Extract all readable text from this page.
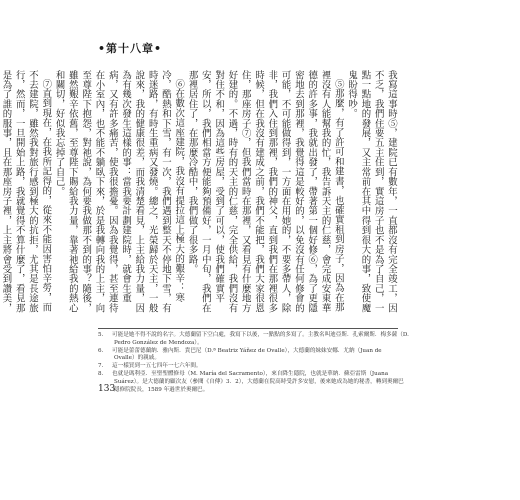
•第十八章•

我寫這事時⑤，建院已有數年，一直都沒有完全竣工，因不乏，我們住要五主住到，實這房子也不是為了自己，一點一點地的發展，又主常前在其中得到很大的事，致使魔鬼盼得吵。

⑤那麼，有了許可和建書，也確實租到房子，因為在那裡沒有人能幫我的忙，我告訴天主的仁慈，會完成安東華德的許多事，我就出發了，帶著第一個好修⑥，為了更隱密地去到那裡，我覺得這是較好的，以免沒有任何修會的可能，不可能做得到，一方面在用她的，不要多帶人，除非，我們入住到那裡，我們的神父，直到我們在那裡很多時候，但在我沒有建成之前，我們不能把，我們大家很恩住，那座房子⑦，但我們當時在那裡，又看見有什麼地方好建的。不過，時有的天主的仁慈，完全供給，我們沒有對住不和，因為這些房屋，受到了可以，使我們確實平安，所以，我們相當方便能夠預備好，一月中旬，我們在那裡居住了，在那麼冷酷中，我們做了很多路。

⑥在數次這座建院，我沒有提拉這上極大的艱辛：寒冷，酷熱和下雪，有一次，我們遇到整天不停地下雪，有時迷路，有時生重病又發燒。總之，光榮歸於天主，一般說來，我的健康很差，而我清楚看見，上主給我力量，因為有幾次發生這樣的事：當我要計劃建院時，就會生重病，又有許多痛苦，使我很擔憂。因為我覺得，甚至連待在小室內，也不能不躺臥下來，於是我轉向我的上主，向至尊陛下抱怨，對祂說，為何要我做那不到的事？隨後，雖然艱辛依舊，至尊陛下賜給我力量，靠著祂給我的熱心和關切，好似我忘掉了自己。

⑦直到現在，在我所記得的，從來不能因害怕辛勞，而不去建院，雖然我對旅行感到極大的抗拒，尤其是長途旅行，然而，一旦開始上路，我就覺得不算什麼了，看見那是為了誰的服事，且在那座房子裡，上主將會受到讚美，

5. 可能是她不得不說的名字。大德蘭留下空白處，我寫下以後，一點點的多寫了。主教名叫迪亞斯．孔索爾斯．梅多薩（D.
Pedro González de Mendoza）。
6. 可能是蕾蕾德蘭納．雅內斯．貴巴尼（D.ª Beatriz Yáñez de Ovalle），大德蘭的妹妹安娜．尤納（Juan de
Ovalle）的親戚。
7. 這一樣買到一五七四年一七六年間。
8. 也就是瑪利亞．至聖聖體修母（M. María del Sacramento），來自降生隱院，也就是華納．蘇亞雷斯（Juana
Suárez）。是大德蘭的顧次友（參閱《自傳》3．2），大德蘭在院高時受許多安慰，後來她成為她的秘書，轉到奧爾巴
隱修院院長，1589 年過世於奧爾巴。
133
